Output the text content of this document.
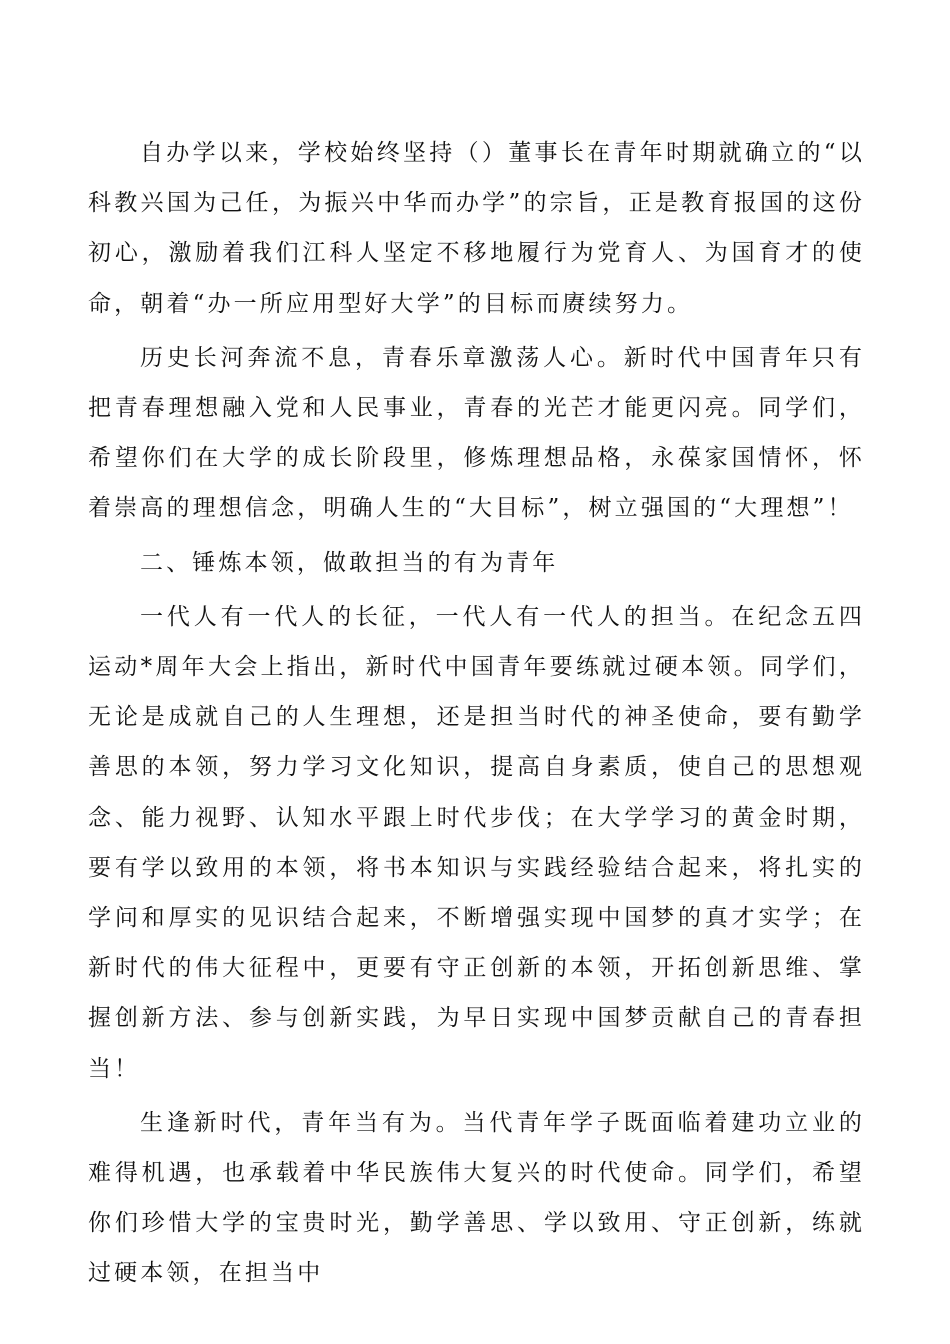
自办学以来，学校始终坚持（）董事长在青年时期就确立的“以科教兴国为己任，为振兴中华而办学”的宗旨，正是教育报国的这份初心，激励着我们江科人坚定不移地履行为党育人、为国育才的使命，朝着“办一所应用型好大学”的目标而赓续努力。

历史长河奔流不息，青春乐章激荡人心。新时代中国青年只有把青春理想融入党和人民事业，青春的光芒才能更闪亮。同学们，希望你们在大学的成长阶段里，修炼理想品格，永葆家国情怀，怀着崇高的理想信念，明确人生的“大目标”，树立强国的“大理想”！

二、锤炼本领，做敢担当的有为青年

一代人有一代人的长征，一代人有一代人的担当。在纪念五四运动*周年大会上指出，新时代中国青年要练就过硬本领。同学们，无论是成就自己的人生理想，还是担当时代的神圣使命，要有勤学善思的本领，努力学习文化知识，提高自身素质，使自己的思想观念、能力视野、认知水平跟上时代步伐；在大学学习的黄金时期，要有学以致用的本领，将书本知识与实践经验结合起来，将扎实的学问和厚实的见识结合起来，不断增强实现中国梦的真才实学；在新时代的伟大征程中，更要有守正创新的本领，开拓创新思维、掌握创新方法、参与创新实践，为早日实现中国梦贡献自己的青春担当！

生逢新时代，青年当有为。当代青年学子既面临着建功立业的难得机遇，也承载着中华民族伟大复兴的时代使命。同学们，希望你们珍惜大学的宝贵时光，勤学善思、学以致用、守正创新，练就过硬本领，在担当中
